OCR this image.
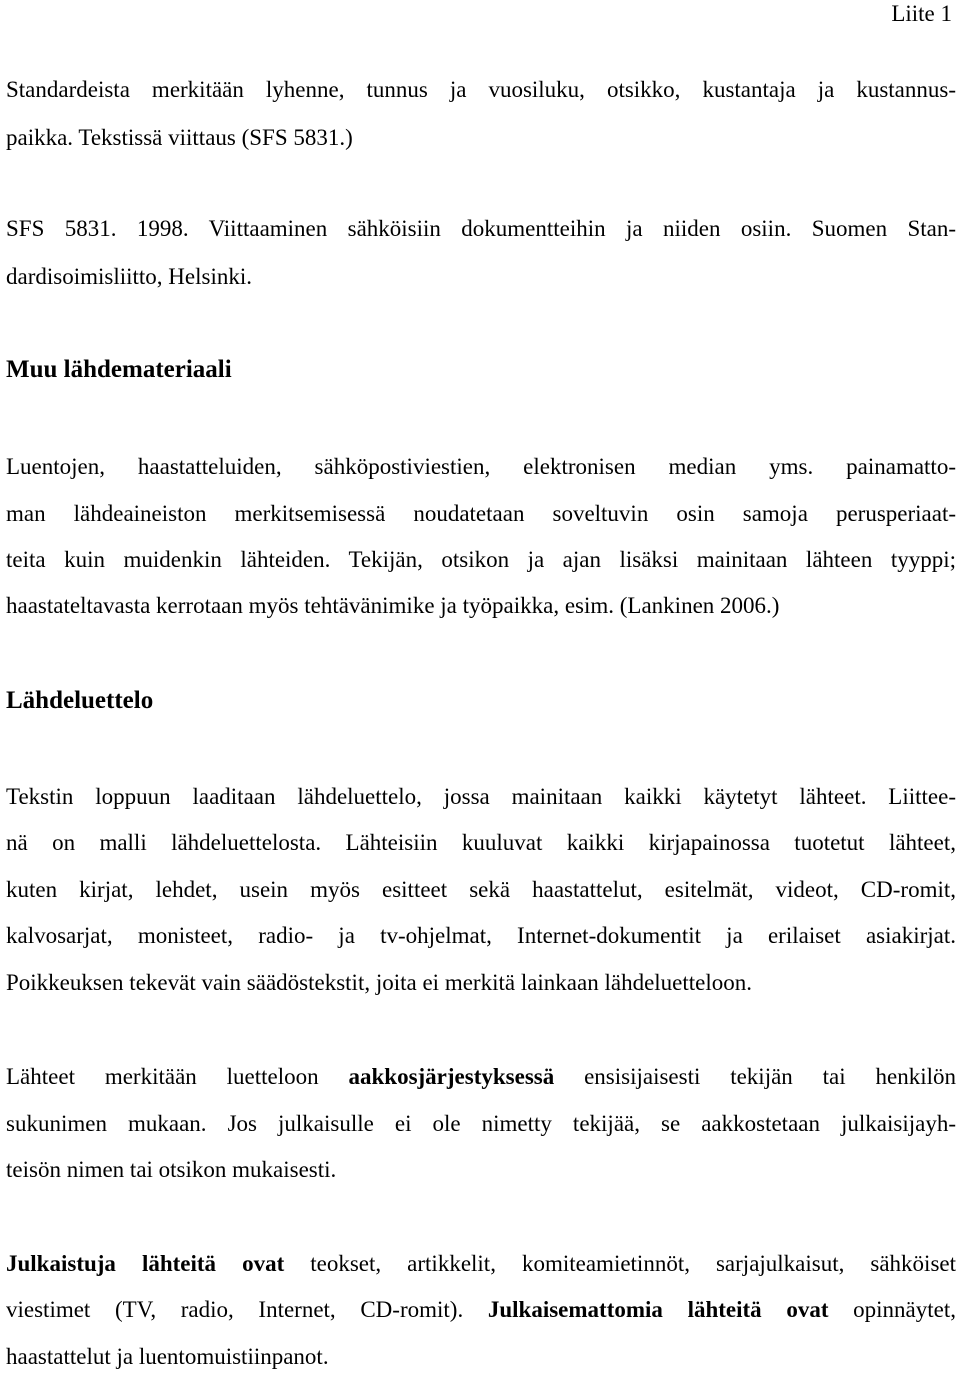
Liite 1
Standardeista merkitään lyhenne, tunnus ja vuosiluku, otsikko, kustantaja ja kustannus-
paikka. Tekstissä viittaus (SFS 5831.)
SFS 5831. 1998. Viittaaminen sähköisiin dokumentteihin ja niiden osiin. Suomen Stan-
dardisoimisliitto, Helsinki.
Muu lähdemateriaali
Luentojen, haastatteluiden, sähköpostiviestien, elektronisen median yms. painamatto-
man lähdeaineiston merkitsemisessä noudatetaan soveltuvin osin samoja perusperiaat-
teita kuin muidenkin lähteiden. Tekijän, otsikon ja ajan lisäksi mainitaan lähteen tyyppi;
haastateltavasta kerrotaan myös tehtävänimike ja työpaikka, esim. (Lankinen 2006.)
Lähdeluettelo
Tekstin loppuun laaditaan lähdeluettelo, jossa mainitaan kaikki käytetyt lähteet. Liittee-
nä on malli lähdeluettelosta. Lähteisiin kuuluvat kaikki kirjapainossa tuotetut lähteet,
kuten kirjat, lehdet, usein myös esitteet sekä haastattelut, esitelmät, videot, CD-romit,
kalvosarjat, monisteet, radio- ja tv-ohjelmat, Internet-dokumentit ja erilaiset asiakirjat.
Poikkeuksen tekevät vain säädöstekstit, joita ei merkitä lainkaan lähdeluetteloon.
Lähteet merkitään luetteloon aakkosjärjestyksessä ensisijaisesti tekijän tai henkilön
sukunimen mukaan. Jos julkaisulle ei ole nimetty tekijää, se aakkostetaan julkaisijayh-
teisön nimen tai otsikon mukaisesti.
Julkaistuja lähteitä ovat teokset, artikkelit, komiteamietinnöt, sarjajulkaisut, sähköiset
viestimet (TV, radio, Internet, CD-romit). Julkaisemattomia lähteitä ovat opinnäytet,
haastattelut ja luentomuistiinpanot.
